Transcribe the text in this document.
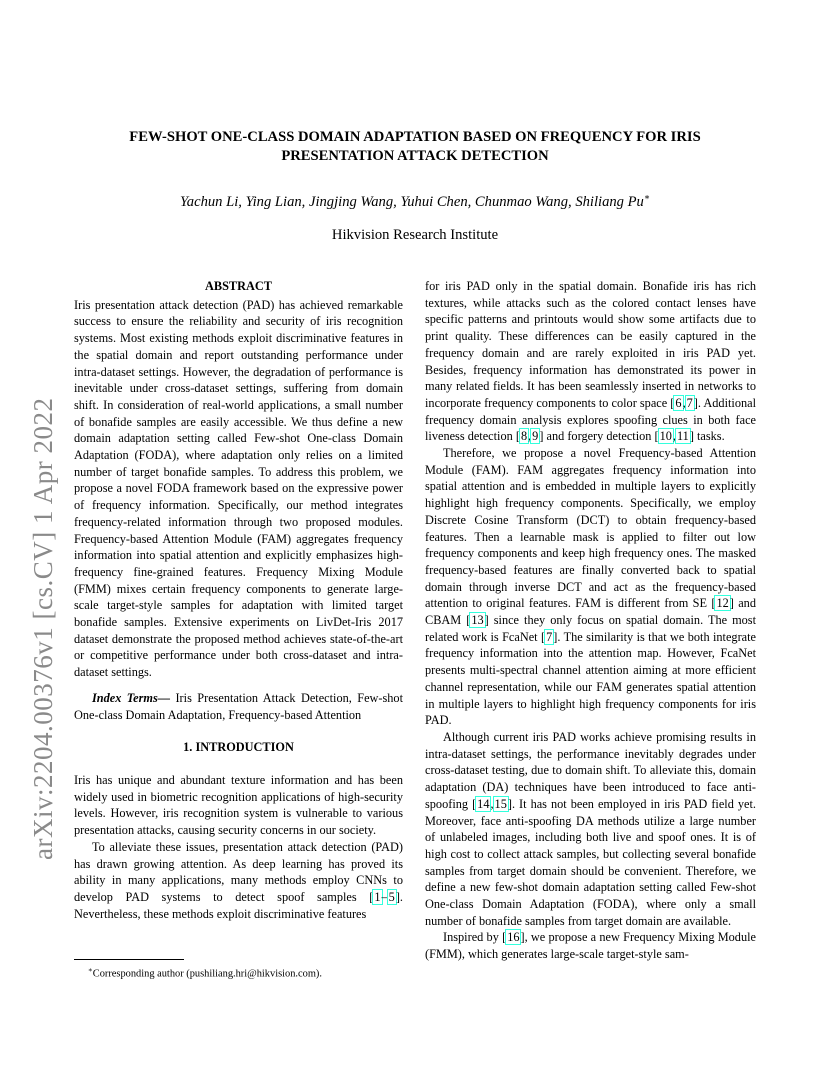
arXiv:2204.00376v1 [cs.CV] 1 Apr 2022
FEW-SHOT ONE-CLASS DOMAIN ADAPTATION BASED ON FREQUENCY FOR IRIS PRESENTATION ATTACK DETECTION
Yachun Li, Ying Lian, Jingjing Wang, Yuhui Chen, Chunmao Wang, Shiliang Pu∗
Hikvision Research Institute
ABSTRACT

Iris presentation attack detection (PAD) has achieved remarkable success to ensure the reliability and security of iris recognition systems. Most existing methods exploit discriminative features in the spatial domain and report outstanding performance under intra-dataset settings. However, the degradation of performance is inevitable under cross-dataset settings, suffering from domain shift. In consideration of real-world applications, a small number of bonafide samples are easily accessible. We thus define a new domain adaptation setting called Few-shot One-class Domain Adaptation (FODA), where adaptation only relies on a limited number of target bonafide samples. To address this problem, we propose a novel FODA framework based on the expressive power of frequency information. Specifically, our method integrates frequency-related information through two proposed modules. Frequency-based Attention Module (FAM) aggregates frequency information into spatial attention and explicitly emphasizes high-frequency fine-grained features. Frequency Mixing Module (FMM) mixes certain frequency components to generate large-scale target-style samples for adaptation with limited target bonafide samples. Extensive experiments on LivDet-Iris 2017 dataset demonstrate the proposed method achieves state-of-the-art or competitive performance under both cross-dataset and intra-dataset settings.

Index Terms— Iris Presentation Attack Detection, Few-shot One-class Domain Adaptation, Frequency-based Attention

1. INTRODUCTION

Iris has unique and abundant texture information and has been widely used in biometric recognition applications of high-security levels. However, iris recognition system is vulnerable to various presentation attacks, causing security concerns in our society.

To alleviate these issues, presentation attack detection (PAD) has drawn growing attention. As deep learning has proved its ability in many applications, many methods employ CNNs to develop PAD systems to detect spoof samples [1–5]. Nevertheless, these methods exploit discriminative features

for iris PAD only in the spatial domain. Bonafide iris has rich textures, while attacks such as the colored contact lenses have specific patterns and printouts would show some artifacts due to print quality. These differences can be easily captured in the frequency domain and are rarely exploited in iris PAD yet. Besides, frequency information has demonstrated its power in many related fields. It has been seamlessly inserted in networks to incorporate frequency components to color space [6,7]. Additional frequency domain analysis explores spoofing clues in both face liveness detection [8,9] and forgery detection [10,11] tasks.

Therefore, we propose a novel Frequency-based Attention Module (FAM). FAM aggregates frequency information into spatial attention and is embedded in multiple layers to explicitly highlight high frequency components. Specifically, we employ Discrete Cosine Transform (DCT) to obtain frequency-based features. Then a learnable mask is applied to filter out low frequency components and keep high frequency ones. The masked frequency-based features are finally converted back to spatial domain through inverse DCT and act as the frequency-based attention to original features. FAM is different from SE [12] and CBAM [13] since they only focus on spatial domain. The most related work is FcaNet [7]. The similarity is that we both integrate frequency information into the attention map. However, FcaNet presents multi-spectral channel attention aiming at more efficient channel representation, while our FAM generates spatial attention in multiple layers to highlight high frequency components for iris PAD.

Although current iris PAD works achieve promising results in intra-dataset settings, the performance inevitably degrades under cross-dataset testing, due to domain shift. To alleviate this, domain adaptation (DA) techniques have been introduced to face anti-spoofing [14,15]. It has not been employed in iris PAD field yet. Moreover, face anti-spoofing DA methods utilize a large number of unlabeled images, including both live and spoof ones. It is of high cost to collect attack samples, but collecting several bonafide samples from target domain should be convenient. Therefore, we define a new few-shot domain adaptation setting called Few-shot One-class Domain Adaptation (FODA), where only a small number of bonafide samples from target domain are available.

Inspired by [16], we propose a new Frequency Mixing Module (FMM), which generates large-scale target-style sam-

∗Corresponding author (pushiliang.hri@hikvision.com).
